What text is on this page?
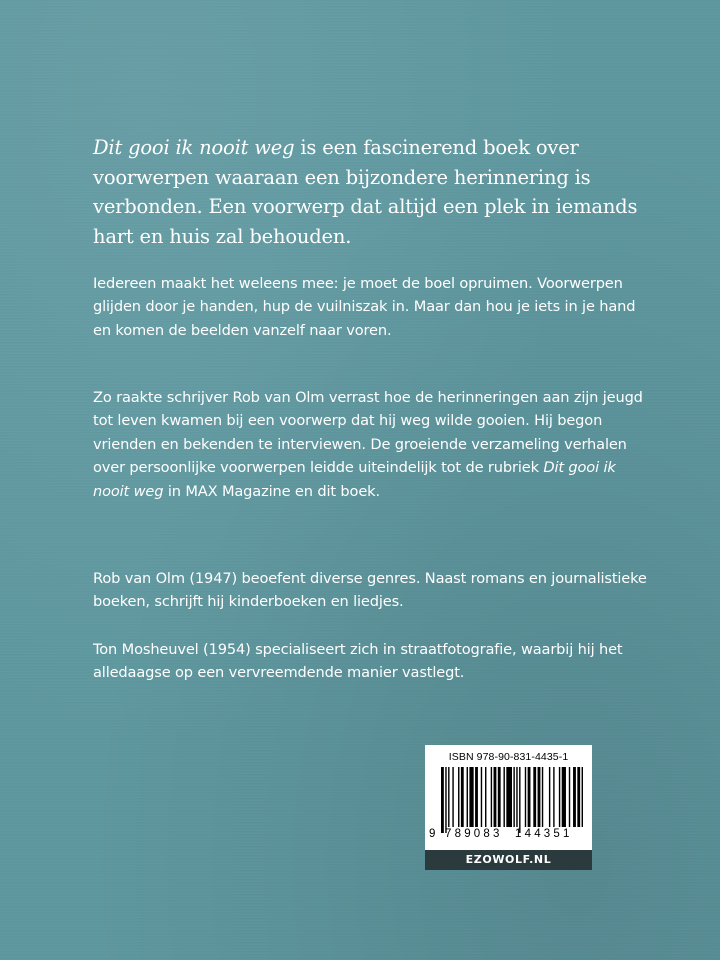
Dit gooi ik nooit weg is een fascinerend boek over voorwerpen waaraan een bijzondere herinnering is verbonden. Een voorwerp dat altijd een plek in iemands hart en huis zal behouden.

Iedereen maakt het weleens mee: je moet de boel opruimen. Voorwerpen glijden door je handen, hup de vuilniszak in. Maar dan hou je iets in je hand en komen de beelden vanzelf naar voren.

Zo raakte schrijver Rob van Olm verrast hoe de herinneringen aan zijn jeugd tot leven kwamen bij een voorwerp dat hij weg wilde gooien. Hij begon vrienden en bekenden te interviewen. De groeiende verzameling verhalen over persoonlijke voorwerpen leidde uiteindelijk tot de rubriek Dit gooi ik nooit weg in MAX Magazine en dit boek.

Rob van Olm (1947) beoefent diverse genres. Naast romans en journalistieke boeken, schrijft hij kinderboeken en liedjes.

Ton Mosheuvel (1954) specialiseert zich in straatfotografie, waarbij hij het alledaagse op een vervreemdende manier vastlegt.

ISBN 978-90-831-4435-1
9 789083 144351
EZOWOLF.NL
